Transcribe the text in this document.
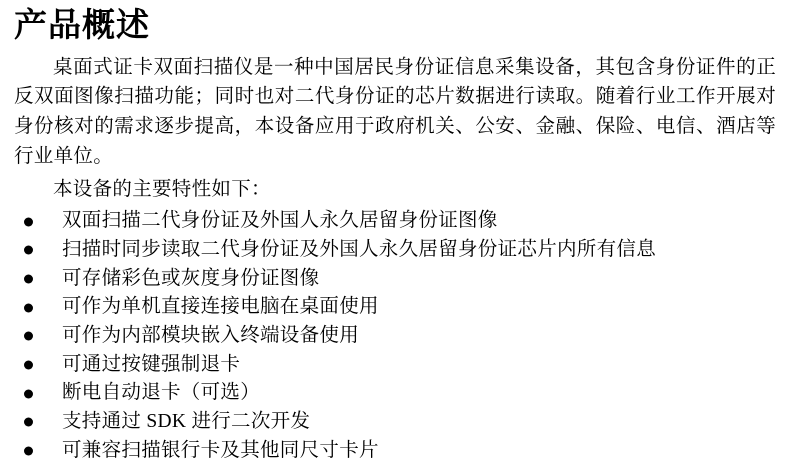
产品概述

桌面式证卡双面扫描仪是一种中国居民身份证信息采集设备，其包含身份证件的正反双面图像扫描功能；同时也对二代身份证的芯片数据进行读取。随着行业工作开展对身份核对的需求逐步提高，本设备应用于政府机关、公安、金融、保险、电信、酒店等行业单位。

本设备的主要特性如下：
双面扫描二代身份证及外国人永久居留身份证图像
扫描时同步读取二代身份证及外国人永久居留身份证芯片内所有信息
可存储彩色或灰度身份证图像
可作为单机直接连接电脑在桌面使用
可作为内部模块嵌入终端设备使用
可通过按键强制退卡
断电自动退卡（可选）
支持通过 SDK 进行二次开发
可兼容扫描银行卡及其他同尺寸卡片
